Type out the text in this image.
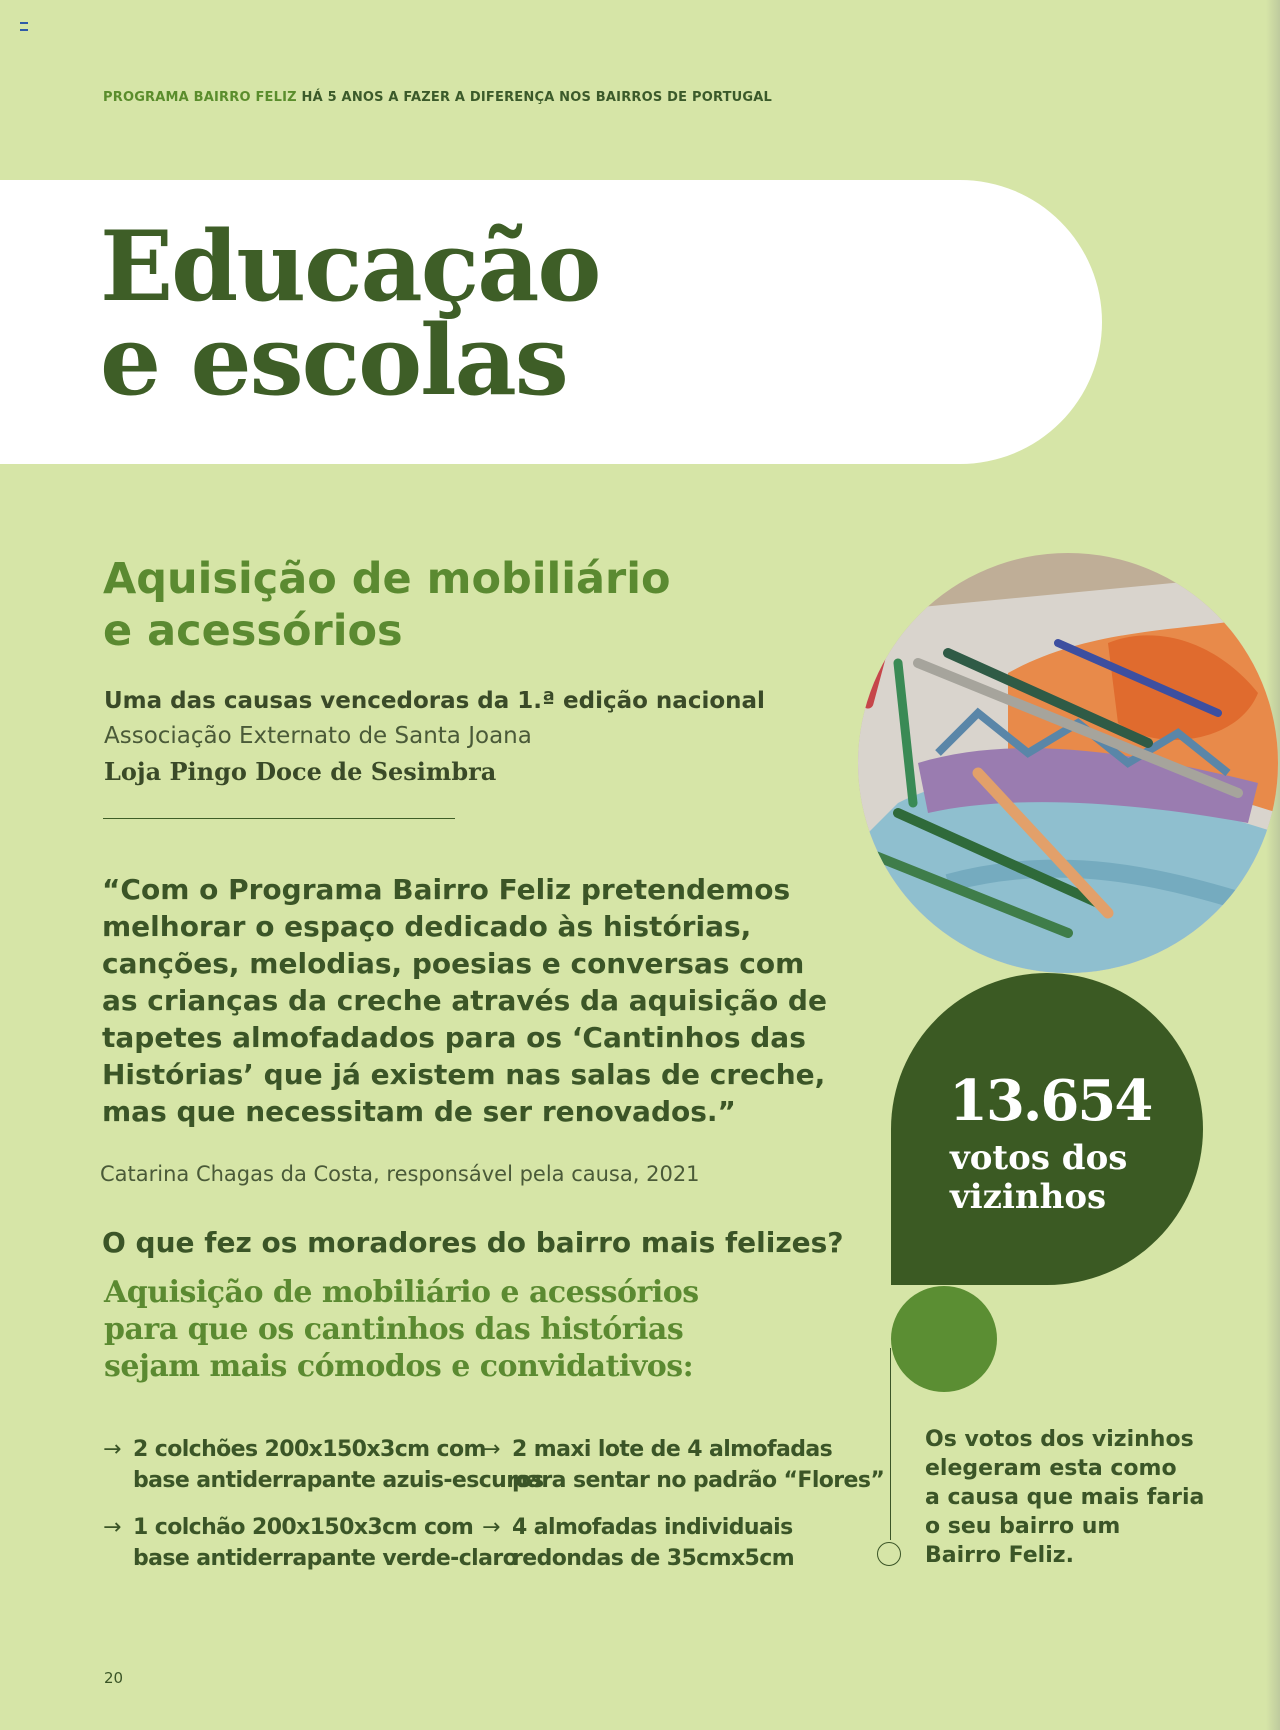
PROGRAMA BAIRRO FELIZ HÁ 5 ANOS A FAZER A DIFERENÇA NOS BAIRROS DE PORTUGAL
Educação
e escolas
Aquisição de mobiliário
e acessórios
Uma das causas vencedoras da 1.ª edição nacional
Associação Externato de Santa Joana
Loja Pingo Doce de Sesimbra
“Com o Programa Bairro Feliz pretendemos
melhorar o espaço dedicado às histórias,
canções, melodias, poesias e conversas com
as crianças da creche através da aquisição de
tapetes almofadados para os ‘Cantinhos das
Histórias’ que já existem nas salas de creche,
mas que necessitam de ser renovados.”
Catarina Chagas da Costa, responsável pela causa, 2021
O que fez os moradores do bairro mais felizes?
Aquisição de mobiliário e acessórios
para que os cantinhos das histórias
sejam mais cómodos e convidativos:
→ 2 colchões 200x150x3cm com
base antiderrapante azuis-escuros
→ 2 maxi lote de 4 almofadas
para sentar no padrão “Flores”
→ 1 colchão 200x150x3cm com
base antiderrapante verde-claro
→ 4 almofadas individuais
redondas de 35cmx5cm
13.654
votos dos
vizinhos
Os votos dos vizinhos
elegeram esta como
a causa que mais faria
o seu bairro um
Bairro Feliz.
20
